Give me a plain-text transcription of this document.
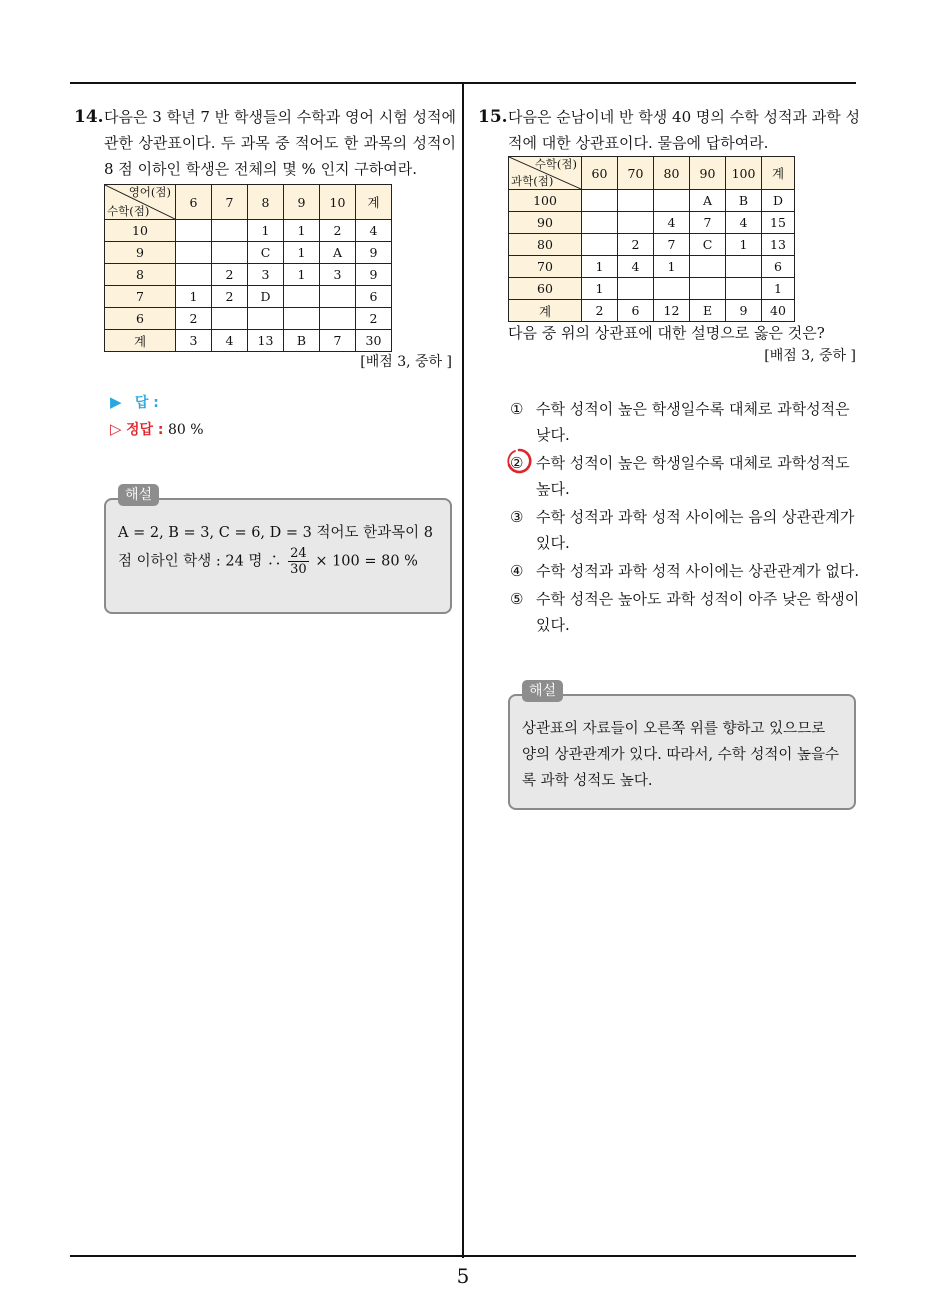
14. 다음은 3 학년 7 반 학생들의 수학과 영어 시험 성적에 관한 상관표이다. 두 과목 중 적어도 한 과목의 성적이 8 점 이하인 학생은 전체의 몇 % 인지 구하여라.
영어(점)
수학(점)	6	7	8	9	10	계
10			1	1	2	4
9			C	1	A	9
8		2	3	1	3	9
7	1	2	D			6
6	2					2
계	3	4	13	B	7	30
[배점 3, 중하 ]
▶ 답 :
▷ 정답 : 80 %
해설
A = 2, B = 3, C = 6, D = 3 적어도 한과목이 8
점 이하인 학생 : 24 명 ∴ $\frac{24}{30} \times 100 = 80$ %
15. 다음은 순남이네 반 학생 40 명의 수학 성적과 과학 성적에 대한 상관표이다. 물음에 답하여라.
수학(점)
과학(점)	60	70	80	90	100	계
100				A	B	D
90			4	7	4	15
80		2	7	C	1	13
70	1	4	1			6
60	1					1
계	2	6	12	E	9	40
다음 중 위의 상관표에 대한 설명으로 옳은 것은?
[배점 3, 중하 ]
① 수학 성적이 높은 학생일수록 대체로 과학성적은 낮다.
② 수학 성적이 높은 학생일수록 대체로 과학성적도 높다.
③ 수학 성적과 과학 성적 사이에는 음의 상관관계가 있다.
④ 수학 성적과 과학 성적 사이에는 상관관계가 없다.
⑤ 수학 성적은 높아도 과학 성적이 아주 낮은 학생이 있다.
해설
상관표의 자료들이 오른쪽 위를 향하고 있으므로 양의 상관관계가 있다. 따라서, 수학 성적이 높을수록 과학 성적도 높다.
5
